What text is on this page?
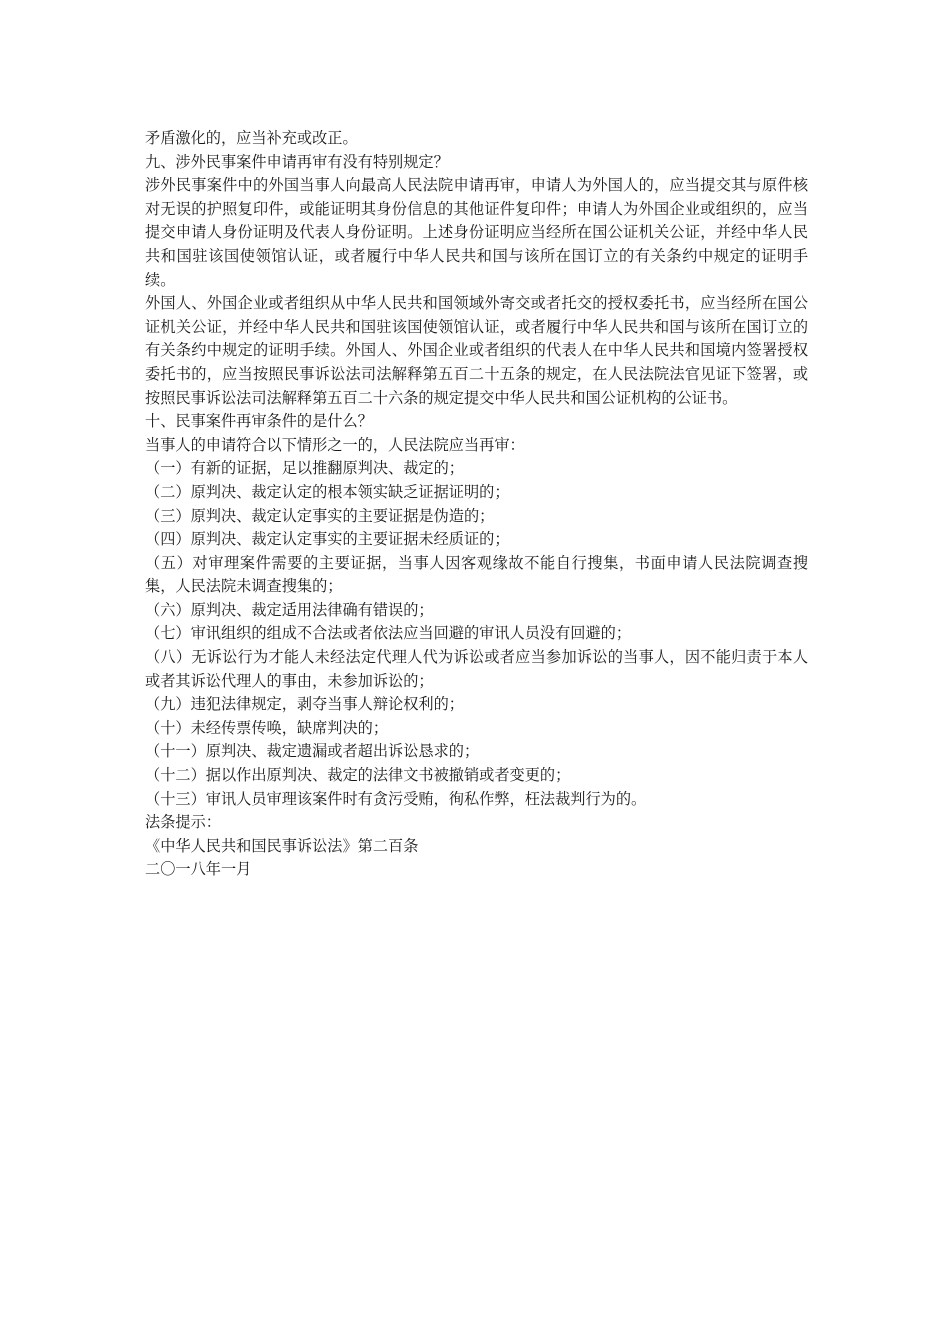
矛盾激化的，应当补充或改正。

九、涉外民事案件申请再审有没有特别规定？

涉外民事案件中的外国当事人向最高人民法院申请再审，申请人为外国人的，应当提交其与原件核对无误的护照复印件，或能证明其身份信息的其他证件复印件；申请人为外国企业或组织的，应当提交申请人身份证明及代表人身份证明。上述身份证明应当经所在国公证机关公证，并经中华人民共和国驻该国使领馆认证，或者履行中华人民共和国与该所在国订立的有关条约中规定的证明手续。

外国人、外国企业或者组织从中华人民共和国领域外寄交或者托交的授权委托书，应当经所在国公证机关公证，并经中华人民共和国驻该国使领馆认证，或者履行中华人民共和国与该所在国订立的有关条约中规定的证明手续。外国人、外国企业或者组织的代表人在中华人民共和国境内签署授权委托书的，应当按照民事诉讼法司法解释第五百二十五条的规定，在人民法院法官见证下签署，或按照民事诉讼法司法解释第五百二十六条的规定提交中华人民共和国公证机构的公证书。

十、民事案件再审条件的是什么？

当事人的申请符合以下情形之一的，人民法院应当再审：

（一）有新的证据，足以推翻原判决、裁定的；

（二）原判决、裁定认定的根本领实缺乏证据证明的；

（三）原判决、裁定认定事实的主要证据是伪造的；

（四）原判决、裁定认定事实的主要证据未经质证的；

（五）对审理案件需要的主要证据，当事人因客观缘故不能自行搜集，书面申请人民法院调查搜集，人民法院未调查搜集的；

（六）原判决、裁定适用法律确有错误的；

（七）审讯组织的组成不合法或者依法应当回避的审讯人员没有回避的；

（八）无诉讼行为才能人未经法定代理人代为诉讼或者应当参加诉讼的当事人，因不能归责于本人或者其诉讼代理人的事由，未参加诉讼的；

（九）违犯法律规定，剥夺当事人辩论权利的；

（十）未经传票传唤，缺席判决的；

（十一）原判决、裁定遗漏或者超出诉讼恳求的；

（十二）据以作出原判决、裁定的法律文书被撤销或者变更的；

（十三）审讯人员审理该案件时有贪污受贿，徇私作弊，枉法裁判行为的。

法条提示：

《中华人民共和国民事诉讼法》第二百条

二〇一八年一月
